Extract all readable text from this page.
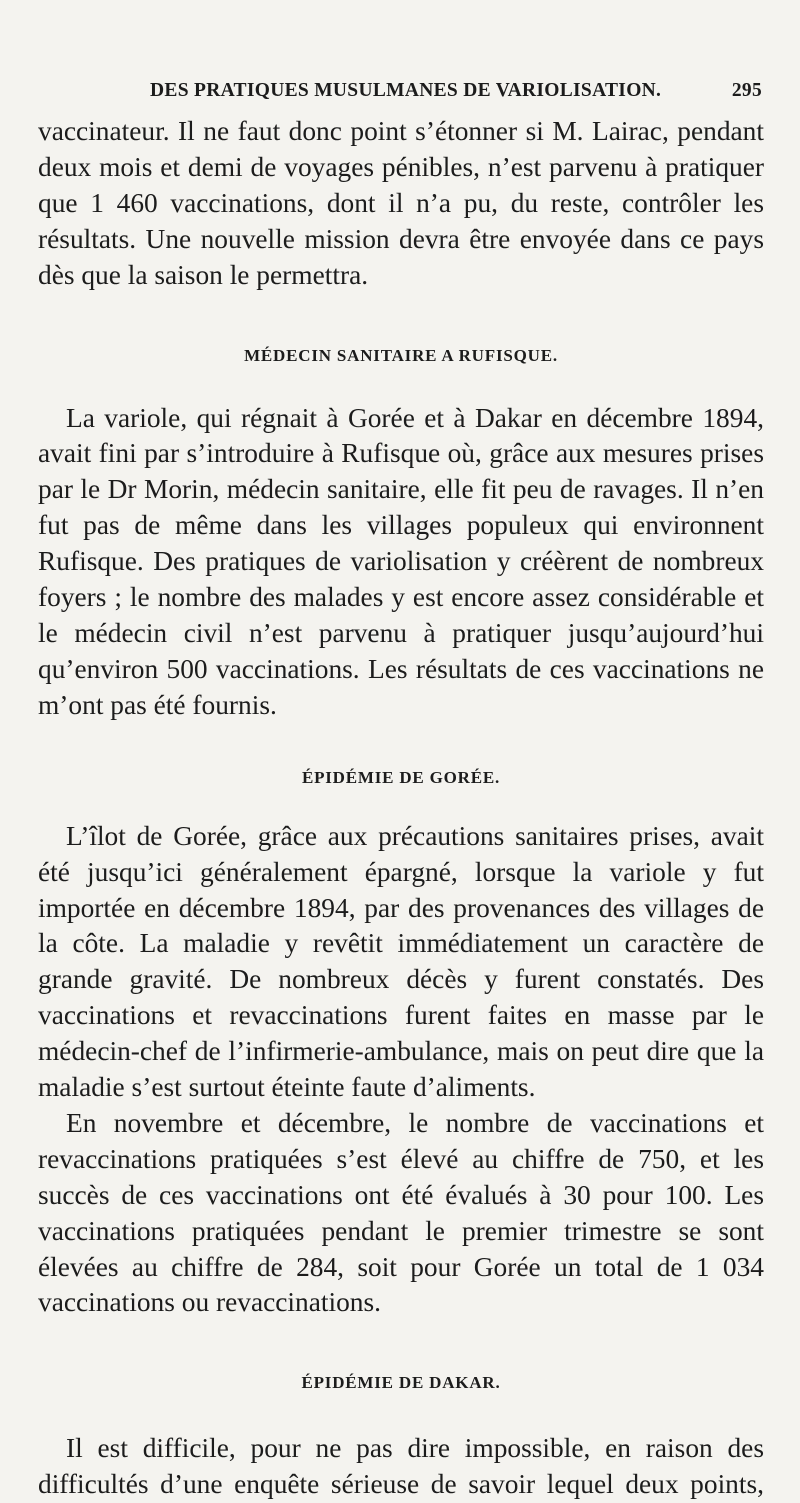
DES PRATIQUES MUSULMANES DE VARIOLISATION.	295

vaccinateur. Il ne faut donc point s’étonner si M. Lairac, pendant deux mois et demi de voyages pénibles, n’est parvenu à pratiquer que 1 460 vaccinations, dont il n’a pu, du reste, contrôler les résultats. Une nouvelle mission devra être envoyée dans ce pays dès que la saison le permettra.

MÉDECIN SANITAIRE A RUFISQUE.

La variole, qui régnait à Gorée et à Dakar en décembre 1894, avait fini par s’introduire à Rufisque où, grâce aux mesures prises par le Dr Morin, médecin sanitaire, elle fit peu de ravages. Il n’en fut pas de même dans les villages populeux qui environnent Rufisque. Des pratiques de variolisation y créèrent de nombreux foyers ; le nombre des malades y est encore assez considérable et le médecin civil n’est parvenu à pratiquer jusqu’aujourd’hui qu’environ 500 vaccinations. Les résultats de ces vaccinations ne m’ont pas été fournis.

ÉPIDÉMIE DE GORÉE.

L’îlot de Gorée, grâce aux précautions sanitaires prises, avait été jusqu’ici généralement épargné, lorsque la variole y fut importée en décembre 1894, par des provenances des villages de la côte. La maladie y revêtit immédiatement un caractère de grande gravité. De nombreux décès y furent constatés. Des vaccinations et revaccinations furent faites en masse par le médecin-chef de l’infirmerie-ambulance, mais on peut dire que la maladie s’est surtout éteinte faute d’aliments.

En novembre et décembre, le nombre de vaccinations et revaccinations pratiquées s’est élevé au chiffre de 750, et les succès de ces vaccinations ont été évalués à 30 pour 100. Les vaccinations pratiquées pendant le premier trimestre se sont élevées au chiffre de 284, soit pour Gorée un total de 1 034 vaccinations ou revaccinations.

ÉPIDÉMIE DE DAKAR.

Il est difficile, pour ne pas dire impossible, en raison des difficultés d’une enquête sérieuse de savoir lequel deux points,
